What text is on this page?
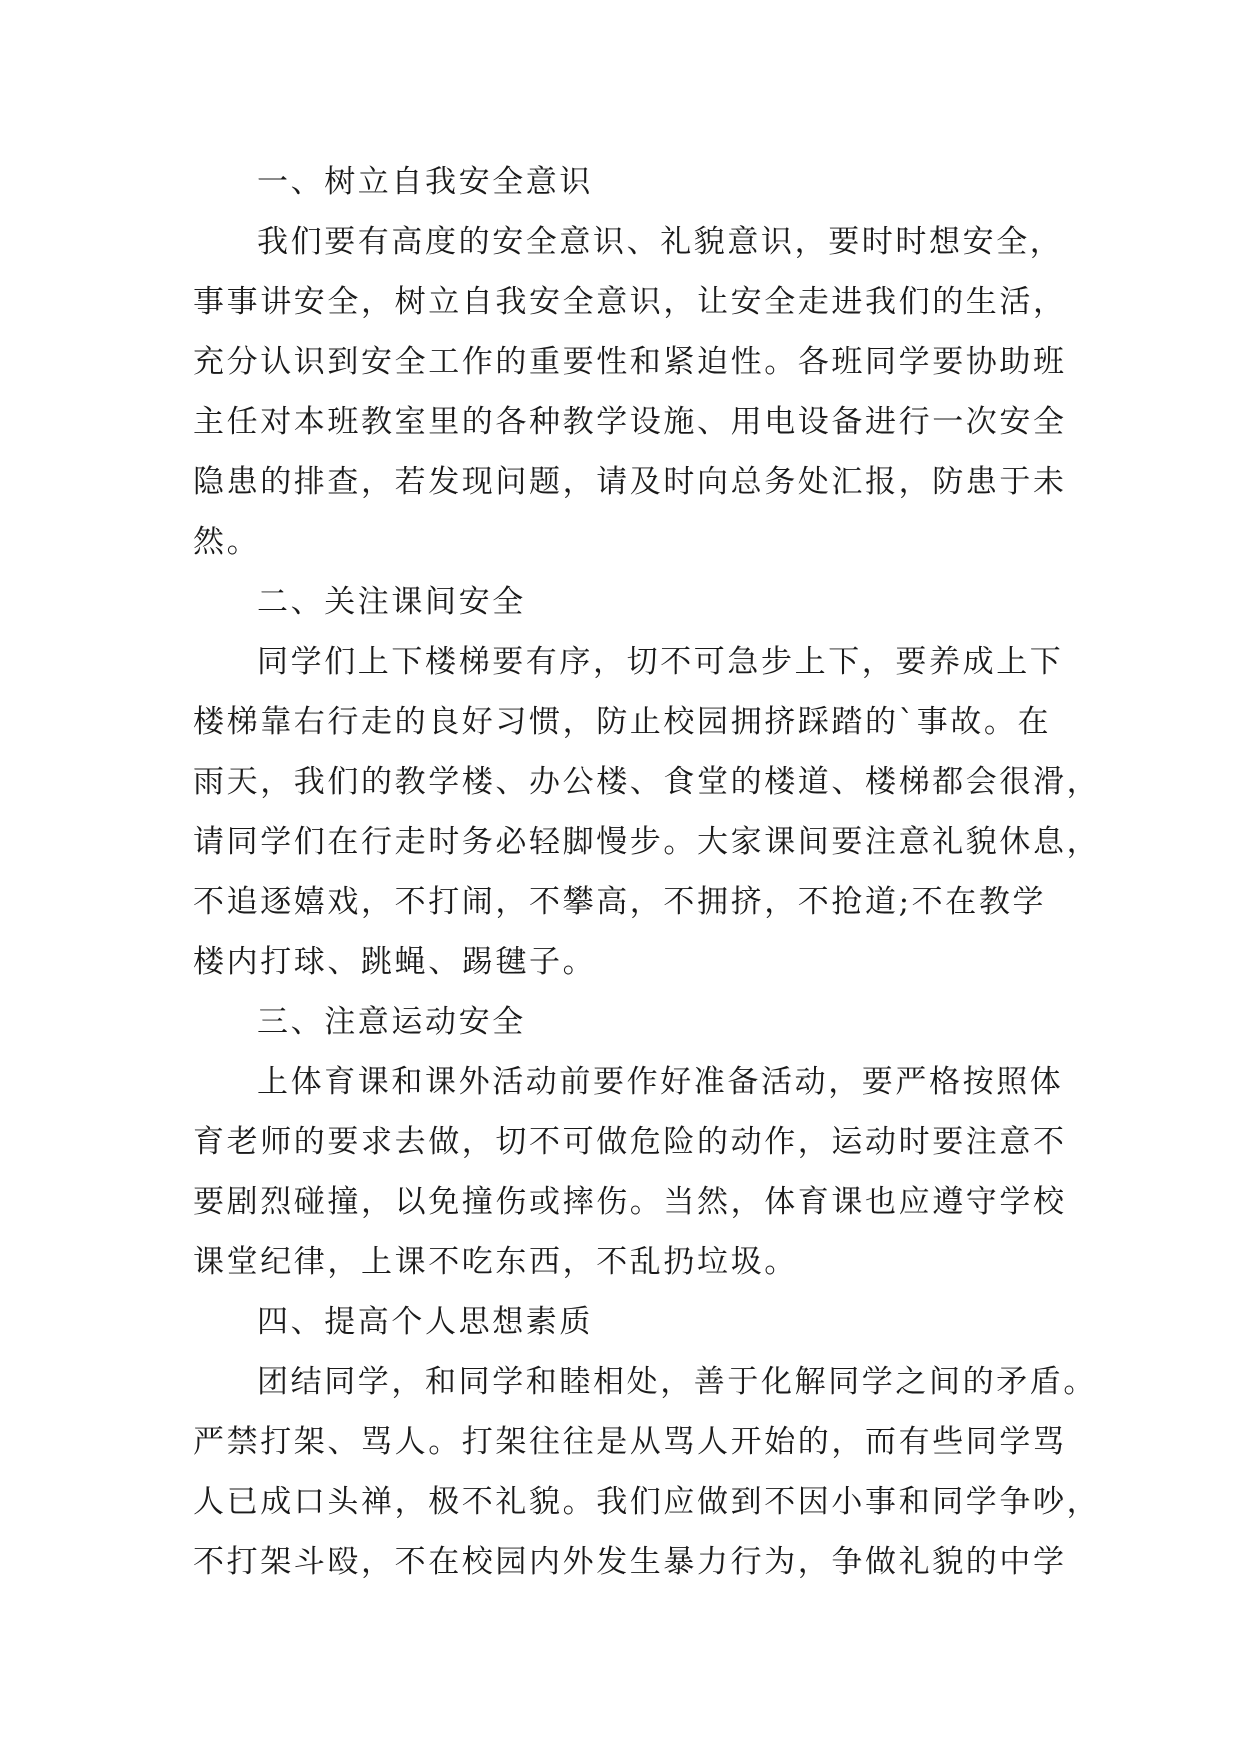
一、树立自我安全意识
我们要有高度的安全意识、礼貌意识，要时时想安全，
事事讲安全，树立自我安全意识，让安全走进我们的生活，
充分认识到安全工作的重要性和紧迫性。各班同学要协助班
主任对本班教室里的各种教学设施、用电设备进行一次安全
隐患的排查，若发现问题，请及时向总务处汇报，防患于未
然。
二、关注课间安全
同学们上下楼梯要有序，切不可急步上下，要养成上下
楼梯靠右行走的良好习惯，防止校园拥挤踩踏的`事故。在
雨天，我们的教学楼、办公楼、食堂的楼道、楼梯都会很滑，
请同学们在行走时务必轻脚慢步。大家课间要注意礼貌休息，
不追逐嬉戏，不打闹，不攀高，不拥挤，不抢道;不在教学
楼内打球、跳蝇、踢毽子。
三、注意运动安全
上体育课和课外活动前要作好准备活动，要严格按照体
育老师的要求去做，切不可做危险的动作，运动时要注意不
要剧烈碰撞，以免撞伤或摔伤。当然，体育课也应遵守学校
课堂纪律，上课不吃东西，不乱扔垃圾。
四、提高个人思想素质
团结同学，和同学和睦相处，善于化解同学之间的矛盾。
严禁打架、骂人。打架往往是从骂人开始的，而有些同学骂
人已成口头禅，极不礼貌。我们应做到不因小事和同学争吵，
不打架斗殴，不在校园内外发生暴力行为，争做礼貌的中学
